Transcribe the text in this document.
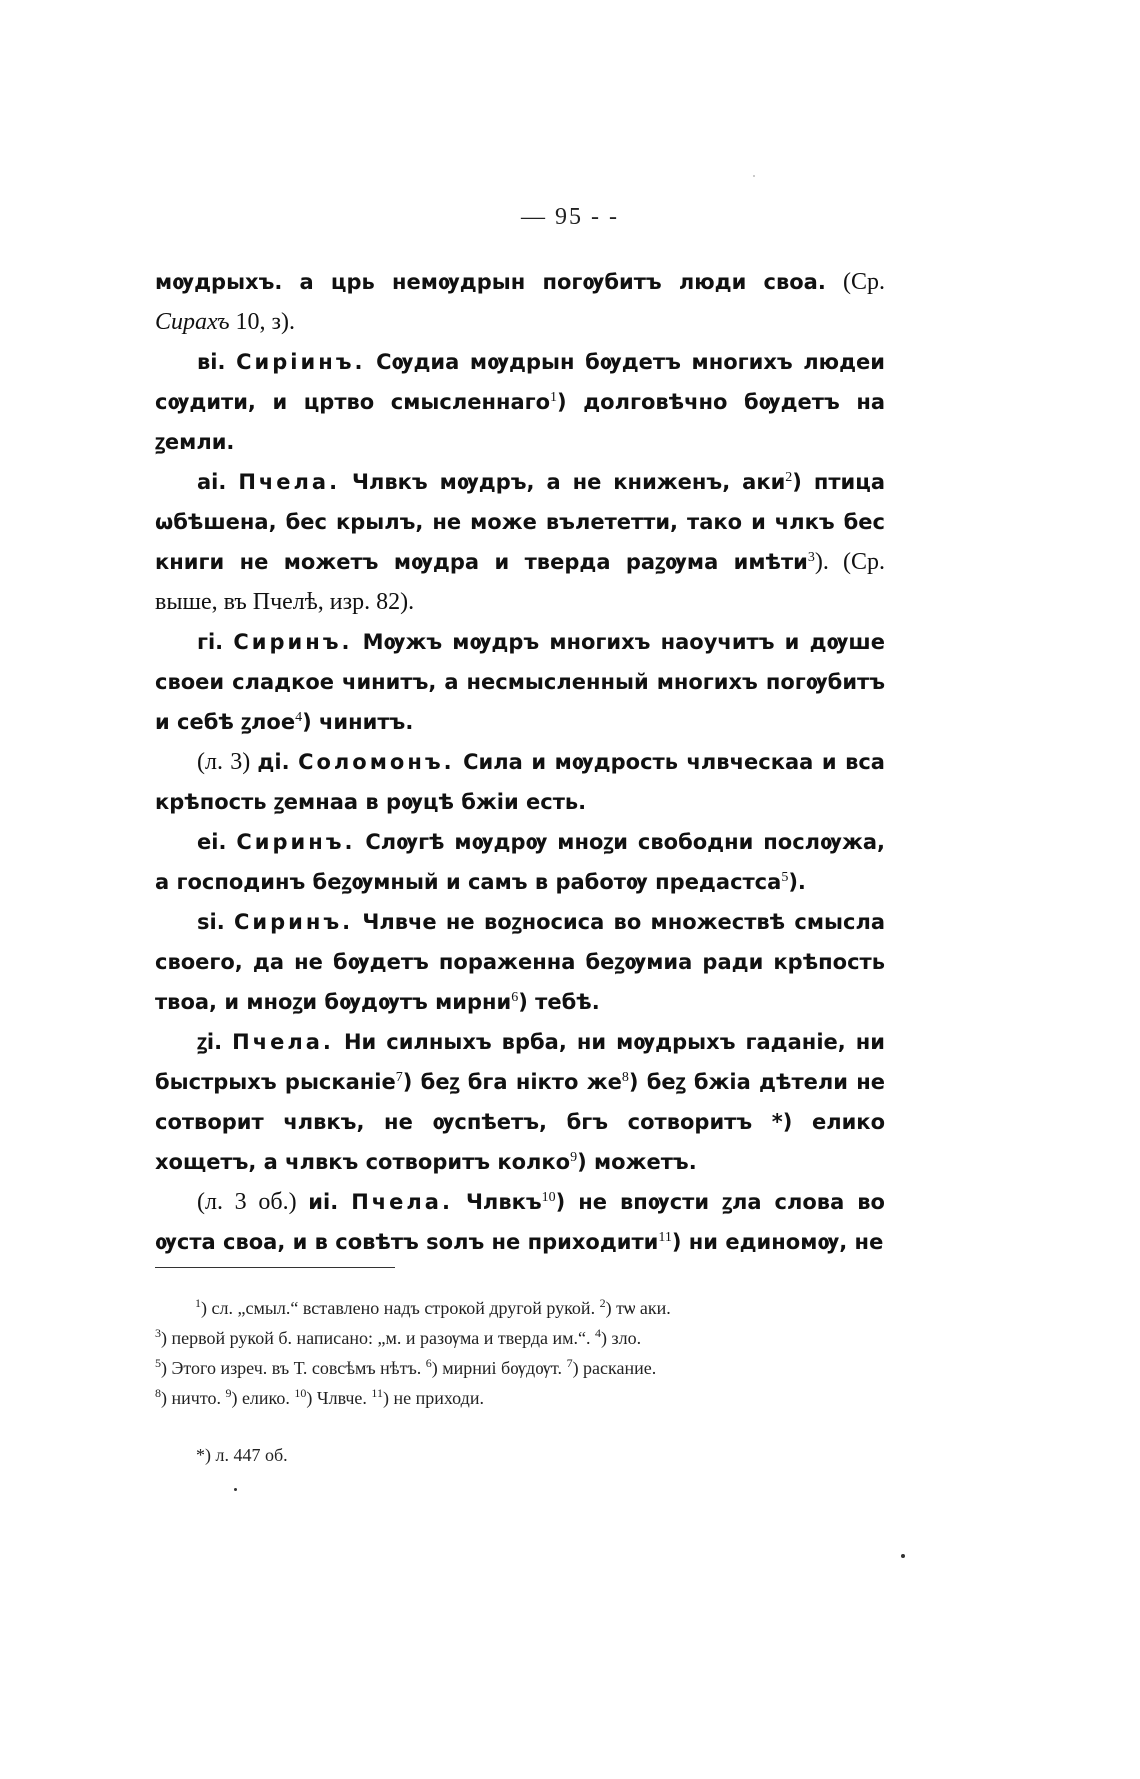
— 95 - -

мѹдрыхъ. а црь немѹдрын погѹбитъ люди своа. (Ср. Сирахъ 10, з).

ві. Сиріинъ. Сѹдиа мѹдрын бѹдетъ многихъ людеи сѹдити, и цртво смысленнаго$^1$) долговѣчно бѹдетъ на ꙁемли.

аі. Пчела. Члвкъ мѹдръ, а не книженъ, аки$^2$) птица ѡбѣшена, бес крылъ, не може вълететти, тако и члкъ бес книги не можетъ мѹдра и тверда раꙁѹма имѣти$^3$). (Ср. выше, въ Пчелѣ, изр. 82).

гі. Сиринъ. Мѹжъ мѹдръ многихъ наоучитъ и дѹше своеи сладкое чинитъ, а несмысленный многихъ погѹбитъ и себѣ ꙁлое$^4$) чинитъ.

(л. 3) ді. Соломонъ. Сила и мѹдрость члвческаа и вса крѣпость ꙁемнаа в рѹцѣ бжіи есть.

еі. Сиринъ. Слѹгѣ мѹдрѹ мноꙁи свободни послѹжа, а господинъ беꙁѹмный и самъ в работѹ предастса$^5$).

ѕі. Сиринъ. Члвче не воꙁносиса во множествѣ смысла своего, да не бѹдетъ пораженна беꙁѹмиа ради крѣпость твоа, и мноꙁи бѹдѹтъ мирни$^6$) тебѣ.

ꙁі. Пчела. Ни силныхъ врба, ни мѹдрыхъ гаданіе, ни быстрыхъ рысканіе$^7$) беꙁ бга нікто же$^8$) беꙁ бжіа дѣтели не сотворит члвкъ, не ѹспѣетъ, бгъ сотворитъ *) елико хощетъ, а члвкъ сотворитъ колко$^9$) можетъ.

(л. 3 об.) иі. Пчела. Члвкъ$^{10}$) не впѹсти ꙁла слова во ѹста своа, и в совѣтъ ѕолъ не приходити$^{11}$) ни единомѹ, не

$^1$) сл. „смыл.“ вставлено надъ строкой другой рукой. $^2$) тѡ аки.
$^3$) первой рукой б. написано: „м. и разѹма и тверда им.“. $^4$) зло.
$^5$) Этого изреч. въ Т. совсѣмъ нѣтъ. $^6$) мирниі бѹдѹт. $^7$) раскание.
$^8$) ничто. $^9$) елико. $^{10}$) Члвче. $^{11}$) не приходи.
*) л. 447 об.
